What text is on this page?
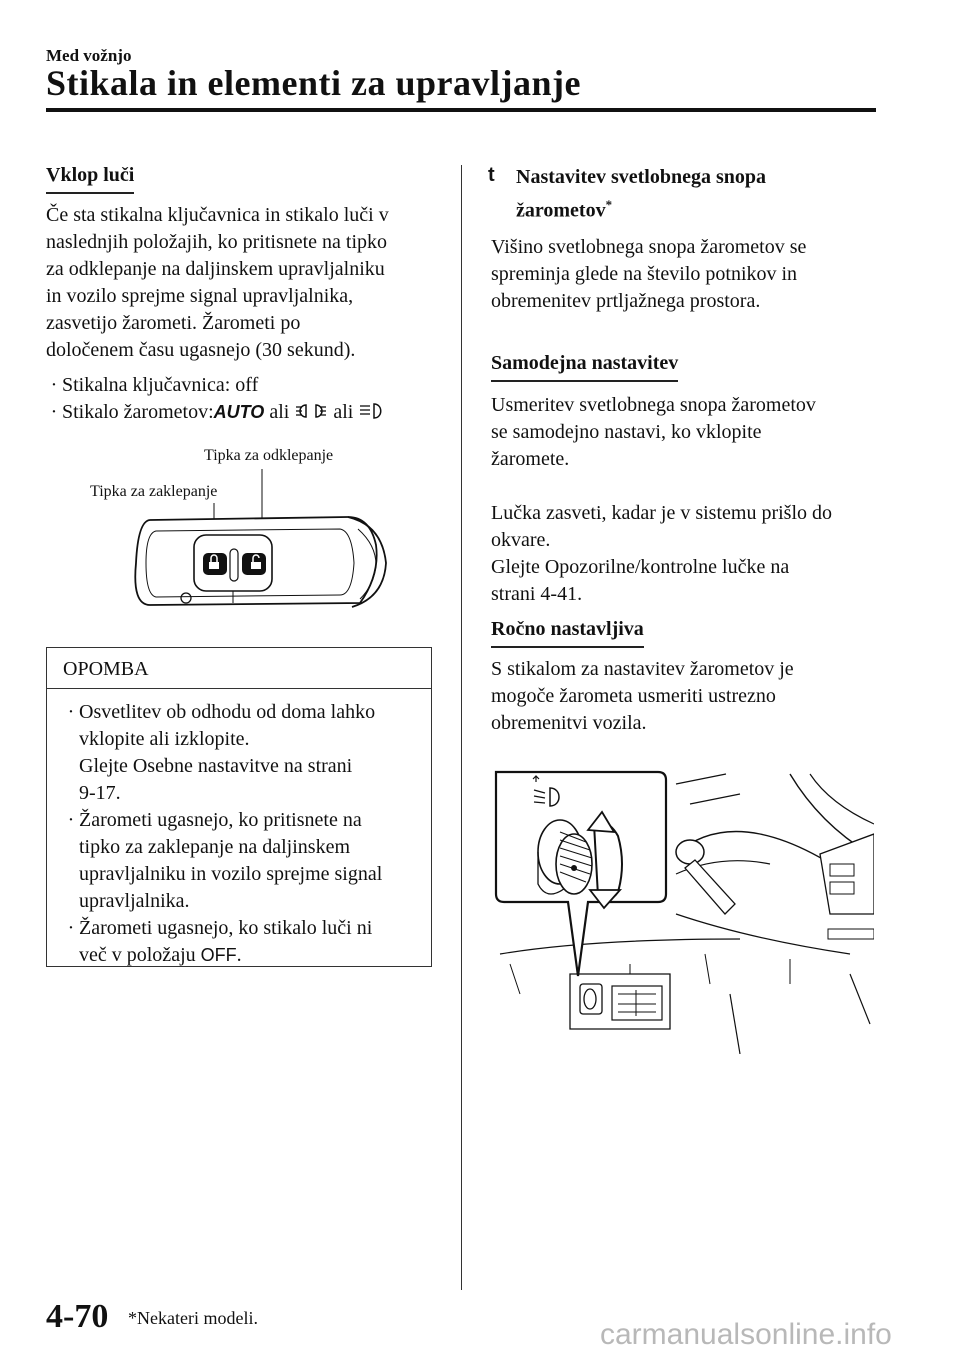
Med vožnjo
Stikala in elementi za upravljanje
Vklop luči
Če sta stikalna ključavnica in stikalo luči v
naslednjih položajih, ko pritisnete na tipko
za odklepanje na daljinskem upravljalniku
in vozilo sprejme signal upravljalnika,
zasvetijo žarometi. Žarometi po
določenem času ugasnejo (30 sekund).
· Stikalna ključavnica: off
· Stikalo žarometov:AUTO ali ali
Tipka za odklepanje
Tipka za zaklepanje
OPOMBA
· Osvetlitev ob odhodu od doma lahko
vklopite ali izklopite.
Glejte Osebne nastavitve na strani
9-17.
· Žarometi ugasnejo, ko pritisnete na
tipko za zaklepanje na daljinskem
upravljalniku in vozilo sprejme signal
upravljalnika.
· Žarometi ugasnejo, ko stikalo luči ni
več v položaju OFF.
t Nastavitev svetlobnega snopa
žarometov*
Višino svetlobnega snopa žarometov se
spreminja glede na število potnikov in
obremenitev prtljažnega prostora.
Samodejna nastavitev
Usmeritev svetlobnega snopa žarometov
se samodejno nastavi, ko vklopite
žaromete.
Lučka zasveti, kadar je v sistemu prišlo do
okvare.
Glejte Opozorilne/kontrolne lučke na
strani 4-41.
Ročno nastavljiva
S stikalom za nastavitev žarometov je
mogoče žarometa usmeriti ustrezno
obremenitvi vozila.
4-70 *Nekateri modeli.	carmanualsonline.info
